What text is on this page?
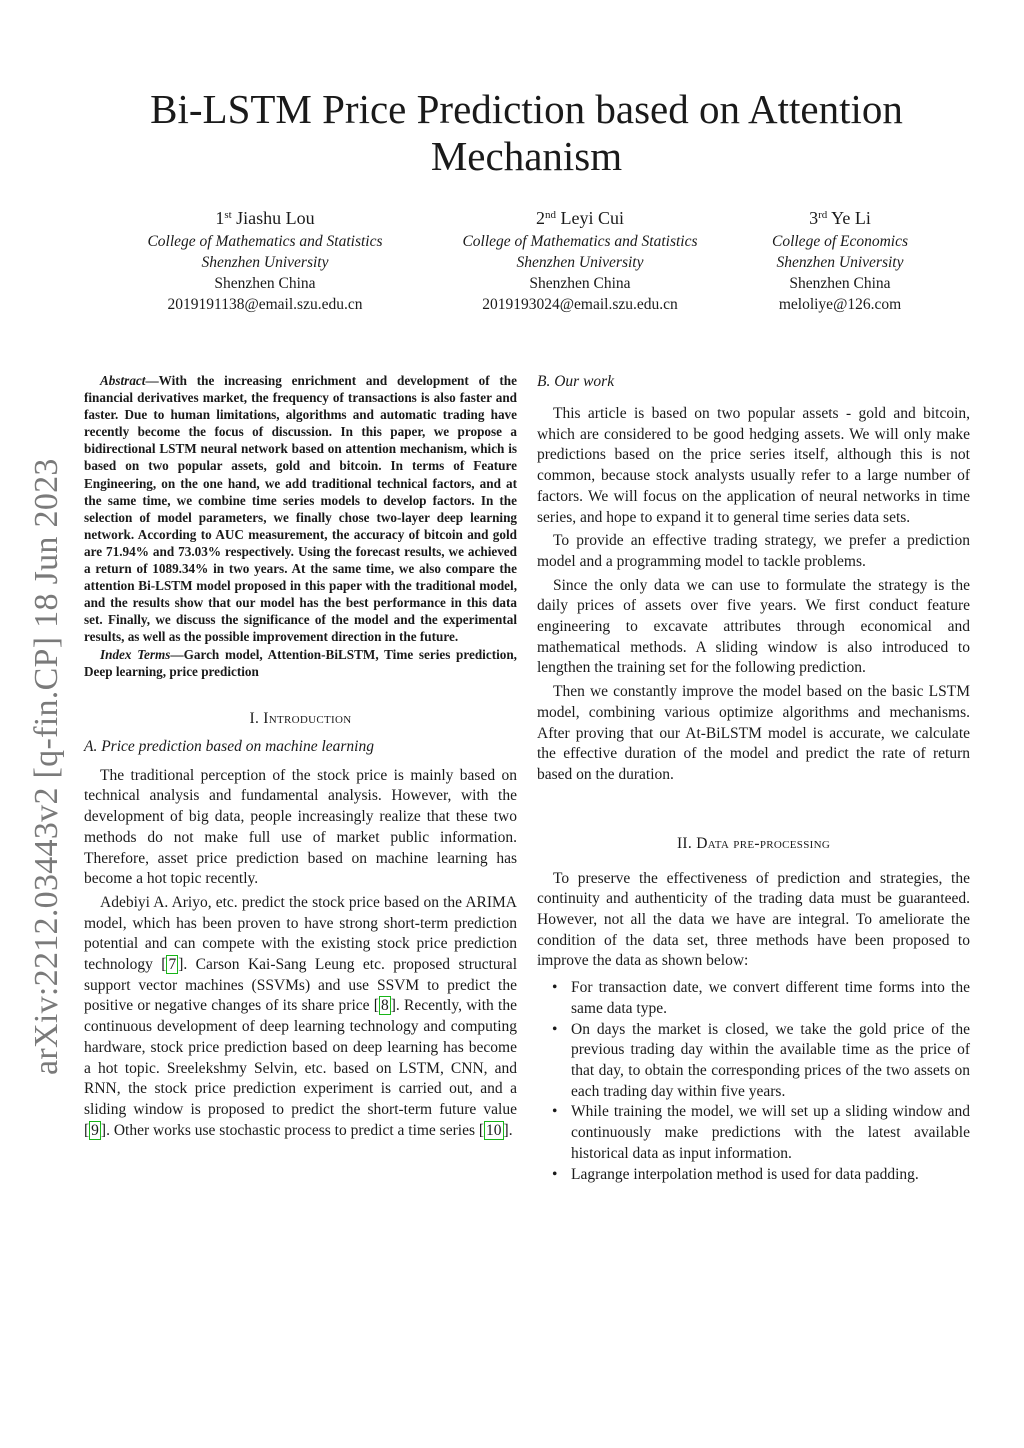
arXiv:2212.03443v2 [q-fin.CP] 18 Jun 2023
Bi-LSTM Price Prediction based on Attention Mechanism
1st Jiashu Lou
College of Mathematics and Statistics
Shenzhen University
Shenzhen China
2019191138@email.szu.edu.cn
2nd Leyi Cui
College of Mathematics and Statistics
Shenzhen University
Shenzhen China
2019193024@email.szu.edu.cn
3rd Ye Li
College of Economics
Shenzhen University
Shenzhen China
meloliye@126.com

Abstract—With the increasing enrichment and development of the financial derivatives market, the frequency of transactions is also faster and faster. Due to human limitations, algorithms and automatic trading have recently become the focus of discussion. In this paper, we propose a bidirectional LSTM neural network based on attention mechanism, which is based on two popular assets, gold and bitcoin. In terms of Feature Engineering, on the one hand, we add traditional technical factors, and at the same time, we combine time series models to develop factors. In the selection of model parameters, we finally chose two-layer deep learning network. According to AUC measurement, the accuracy of bitcoin and gold are 71.94% and 73.03% respectively. Using the forecast results, we achieved a return of 1089.34% in two years. At the same time, we also compare the attention Bi-LSTM model proposed in this paper with the traditional model, and the results show that our model has the best performance in this data set. Finally, we discuss the significance of the model and the experimental results, as well as the possible improvement direction in the future.

Index Terms—Garch model, Attention-BiLSTM, Time series prediction, Deep learning, price prediction

I. Introduction

A. Price prediction based on machine learning

The traditional perception of the stock price is mainly based on technical analysis and fundamental analysis. However, with the development of big data, people increasingly realize that these two methods do not make full use of market public information. Therefore, asset price prediction based on machine learning has become a hot topic recently.

Adebiyi A. Ariyo, etc. predict the stock price based on the ARIMA model, which has been proven to have strong short-term prediction potential and can compete with the existing stock price prediction technology [ 7 ]. Carson Kai-Sang Leung etc. proposed structural support vector machines (SSVMs) and use SSVM to predict the positive or negative changes of its share price [ 8 ]. Recently, with the continuous development of deep learning technology and computing hardware, stock price prediction based on deep learning has become a hot topic. Sreelekshmy Selvin, etc. based on LSTM, CNN, and RNN, the stock price prediction experiment is carried out, and a sliding window is proposed to predict the short-term future value [ 9 ]. Other works use stochastic process to predict a time series [ 10 ].

B. Our work

This article is based on two popular assets - gold and bitcoin, which are considered to be good hedging assets. We will only make predictions based on the price series itself, although this is not common, because stock analysts usually refer to a large number of factors. We will focus on the application of neural networks in time series, and hope to expand it to general time series data sets.

To provide an effective trading strategy, we prefer a prediction model and a programming model to tackle problems.

Since the only data we can use to formulate the strategy is the daily prices of assets over five years. We first conduct feature engineering to excavate attributes through economical and mathematical methods. A sliding window is also introduced to lengthen the training set for the following prediction.

Then we constantly improve the model based on the basic LSTM model, combining various optimize algorithms and mechanisms. After proving that our At-BiLSTM model is accurate, we calculate the effective duration of the model and predict the rate of return based on the duration.

II. Data pre-processing

To preserve the effectiveness of prediction and strategies, the continuity and authenticity of the trading data must be guaranteed. However, not all the data we have are integral. To ameliorate the condition of the data set, three methods have been proposed to improve the data as shown below:

• For transaction date, we convert different time forms into the same data type.
• On days the market is closed, we take the gold price of the previous trading day within the available time as the price of that day, to obtain the corresponding prices of the two assets on each trading day within five years.
• While training the model, we will set up a sliding window and continuously make predictions with the latest available historical data as input information.
• Lagrange interpolation method is used for data padding.
